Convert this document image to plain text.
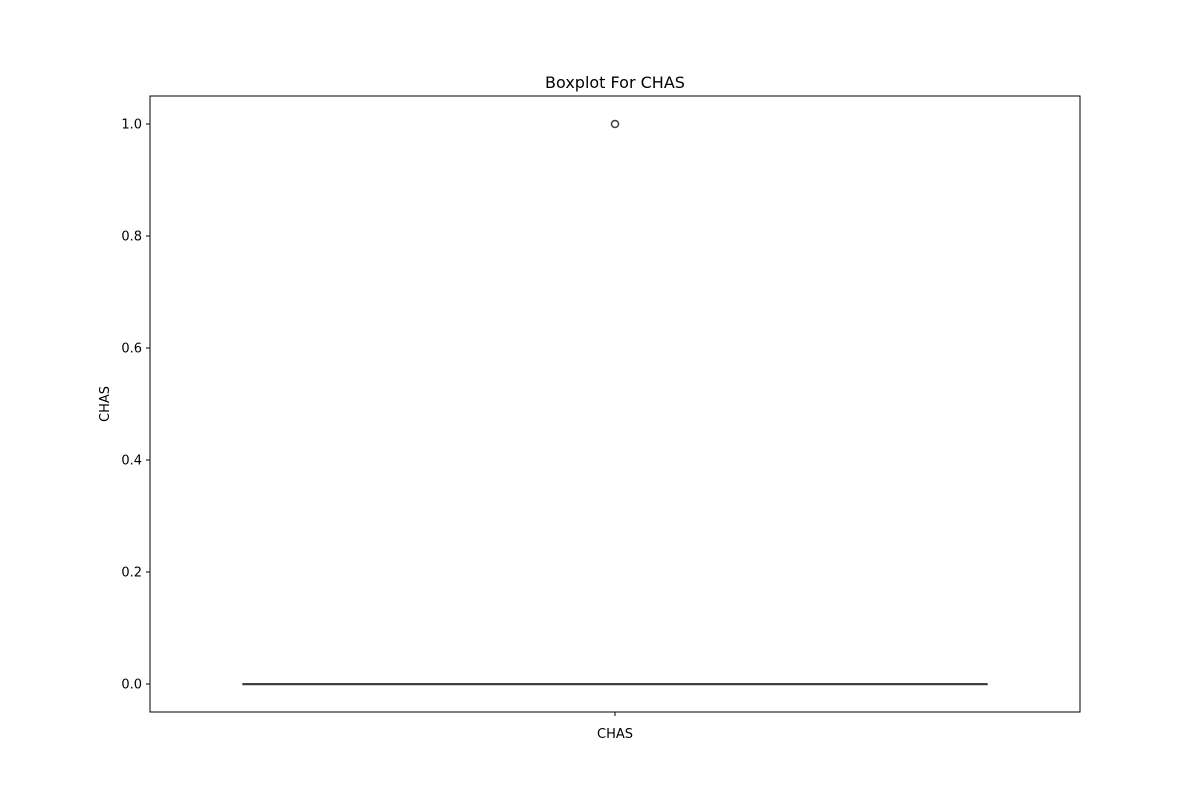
Boxplot For CHAS
CHAS
CHAS
0.0
0.2
0.4
0.6
0.8
1.0
